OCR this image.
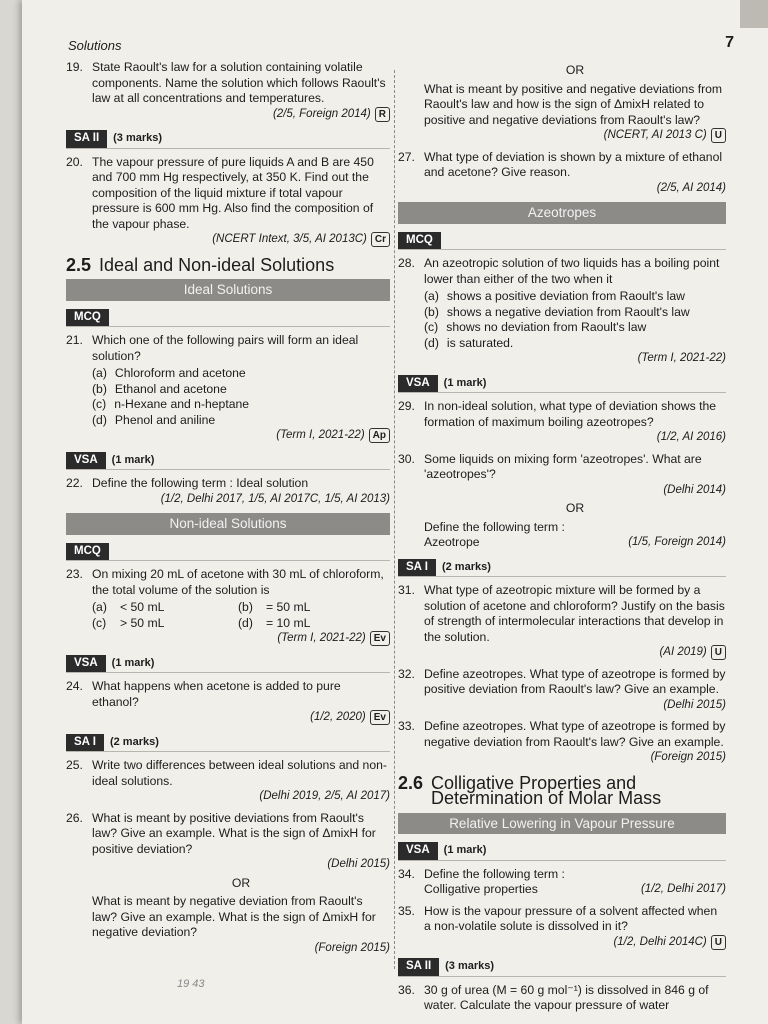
Solutions	7
19. State Raoult's law for a solution containing volatile components. Name the solution which follows Raoult's law at all concentrations and temperatures.
(2/5, Foreign 2014) R
SA II	(3 marks)
20. The vapour pressure of pure liquids A and B are 450 and 700 mm Hg respectively, at 350 K. Find out the composition of the liquid mixture if total vapour pressure is 600 mm Hg. Also find the composition of the vapour phase.
(NCERT Intext, 3/5, AI 2013C) Cr
2.5 Ideal and Non-ideal Solutions
Ideal Solutions
MCQ
21. Which one of the following pairs will form an ideal solution?
(a) Chloroform and acetone
(b) Ethanol and acetone
(c) n-Hexane and n-heptane
(d) Phenol and aniline
(Term I, 2021-22) Ap
VSA	(1 mark)
22. Define the following term : Ideal solution
(1/2, Delhi 2017, 1/5, AI 2017C, 1/5, AI 2013)
Non-ideal Solutions
MCQ
23. On mixing 20 mL of acetone with 30 mL of chloroform, the total volume of the solution is
(a)	< 50 mL	(b)	= 50 mL
(c)	> 50 mL	(d)	= 10 mL
(Term I, 2021-22) Ev
VSA	(1 mark)
24. What happens when acetone is added to pure ethanol?
(1/2, 2020) Ev
SA I	(2 marks)
25. Write two differences between ideal solutions and non-ideal solutions.
(Delhi 2019, 2/5, AI 2017)
26. What is meant by positive deviations from Raoult's law? Give an example. What is the sign of ΔmixH for positive deviation?
(Delhi 2015)
OR
What is meant by negative deviation from Raoult's law? Give an example. What is the sign of ΔmixH for negative deviation?
(Foreign 2015)
19 43
OR
What is meant by positive and negative deviations from Raoult's law and how is the sign of ΔmixH related to positive and negative deviations from Raoult's law?
(NCERT, AI 2013 C) U
27. What type of deviation is shown by a mixture of ethanol and acetone? Give reason.
(2/5, AI 2014)
Azeotropes
MCQ
28. An azeotropic solution of two liquids has a boiling point lower than either of the two when it
(a) shows a positive deviation from Raoult's law
(b) shows a negative deviation from Raoult's law
(c) shows no deviation from Raoult's law
(d) is saturated.
(Term I, 2021-22)
VSA	(1 mark)
29. In non-ideal solution, what type of deviation shows the formation of maximum boiling azeotropes?
(1/2, AI 2016)
30. Some liquids on mixing form 'azeotropes'. What are 'azeotropes'?
(Delhi 2014)
OR
Define the following term :
Azeotrope	(1/5, Foreign 2014)
SA I	(2 marks)
31. What type of azeotropic mixture will be formed by a solution of acetone and chloroform? Justify on the basis of strength of intermolecular interactions that develop in the solution.
(AI 2019) U
32. Define azeotropes. What type of azeotrope is formed by positive deviation from Raoult's law? Give an example.
(Delhi 2015)
33. Define azeotropes. What type of azeotrope is formed by negative deviation from Raoult's law? Give an example.
(Foreign 2015)
2.6 Colligative Properties and Determination of Molar Mass
Relative Lowering in Vapour Pressure
VSA	(1 mark)
34. Define the following term :
Colligative properties	(1/2, Delhi 2017)
35. How is the vapour pressure of a solvent affected when a non-volatile solute is dissolved in it?
(1/2, Delhi 2014C) U
SA II	(3 marks)
36. 30 g of urea (M = 60 g mol⁻¹) is dissolved in 846 g of water. Calculate the vapour pressure of water
